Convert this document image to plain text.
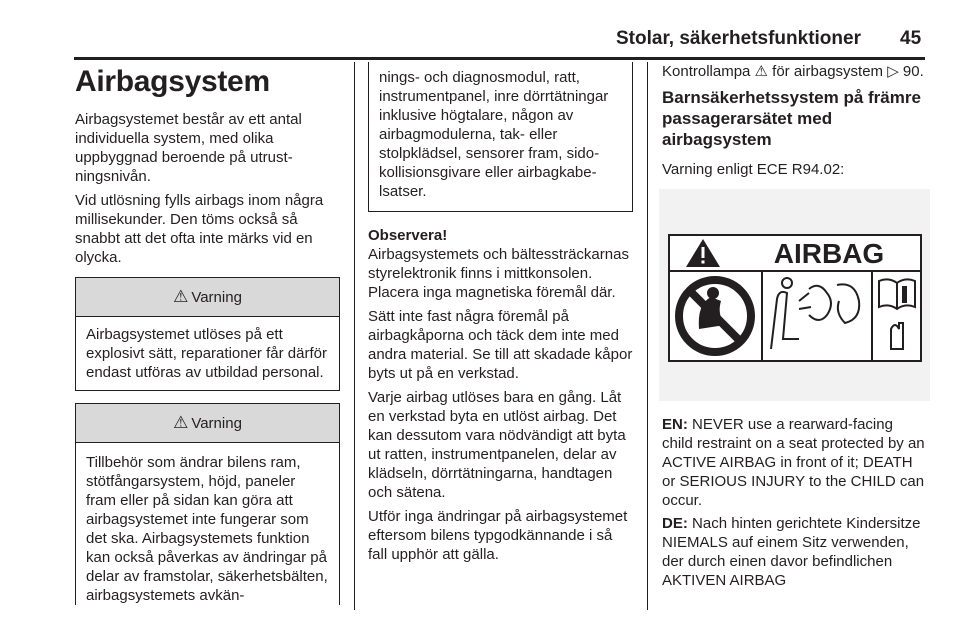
Stolar, säkerhetsfunktioner 45
Airbagsystem

Airbagsystemet består av ett antal individuella system, med olika uppbyggnad beroende på utrustningsnivån.

Vid utlösning fylls airbags inom några millisekunder. Den töms också så snabbt att det ofta inte märks vid en olycka.

⚠ Varning

Airbagsystemet utlöses på ett explosivt sätt, reparationer får därför endast utföras av utbildad personal.

⚠ Varning

Tillbehör som ändrar bilens ram, stötfångarsystem, höjd, paneler fram eller på sidan kan göra att airbagsystemet inte fungerar som det ska. Airbagsystemets funktion kan också påverkas av ändringar på delar av framstolar, säkerhetsbälten, airbagsystemets avkän-

nings- och diagnosmodul, ratt, instrumentpanel, inre dörrtätningar inklusive högtalare, någon av airbagmodulerna, tak- eller stolpklädsel, sensorer fram, sidokollisionsgivare eller airbagkabelsatser.

Observera!

Airbagsystemets och bältessträckarnas styrelektronik finns i mittkonsolen. Placera inga magnetiska föremål där.

Sätt inte fast några föremål på airbagkåporna och täck dem inte med andra material. Se till att skadade kåpor byts ut på en verkstad.

Varje airbag utlöses bara en gång. Låt en verkstad byta en utlöst airbag. Det kan dessutom vara nödvändigt att byta ut ratten, instrumentpanelen, delar av klädseln, dörrtätningarna, handtagen och sätena.

Utför inga ändringar på airbagsystemet eftersom bilens typgodkännande i så fall upphör att gälla.

Kontrollampa ⚠ för airbagsystem ▷ 90.

Barnsäkerhetssystem på främre passagerarsätet med airbagsystem

Varning enligt ECE R94.02:

AIRBAG

EN: NEVER use a rearward-facing child restraint on a seat protected by an ACTIVE AIRBAG in front of it; DEATH or SERIOUS INJURY to the CHILD can occur.

DE: Nach hinten gerichtete Kindersitze NIEMALS auf einem Sitz verwenden, der durch einen davor befindlichen AKTIVEN AIRBAG
